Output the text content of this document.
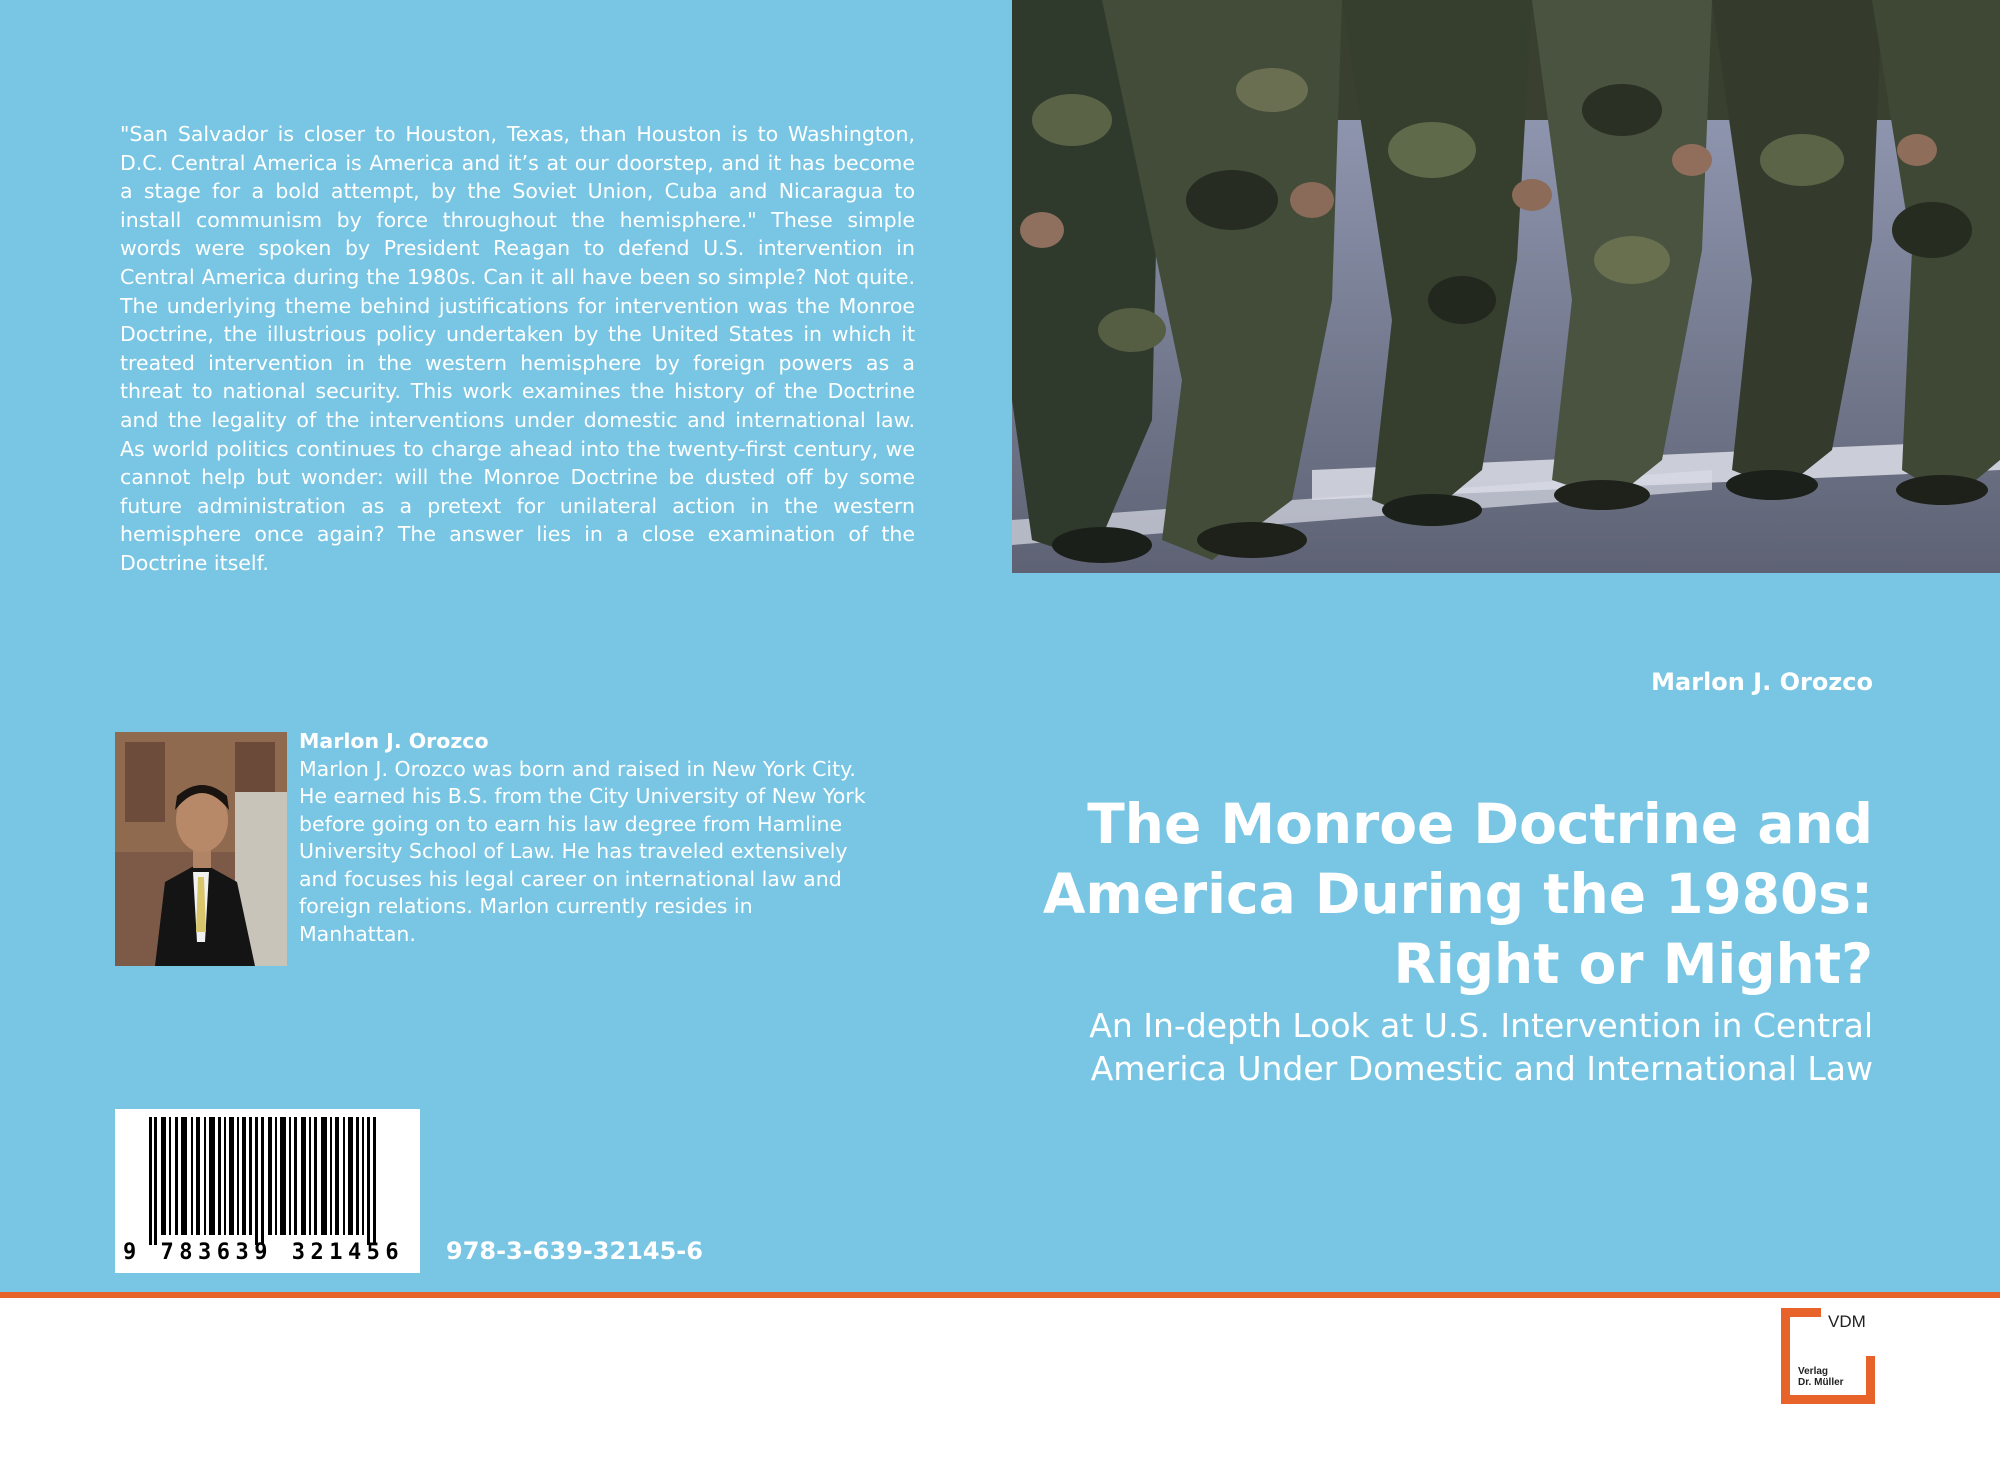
"San Salvador is closer to Houston, Texas, than Houston is to Washington, D.C. Central America is America and it’s at our doorstep, and it has become a stage for a bold attempt, by the Soviet Union, Cuba and Nicaragua to install communism by force throughout the hemisphere." These simple words were spoken by President Reagan to defend U.S. intervention in Central America during the 1980s. Can it all have been so simple? Not quite. The underlying theme behind justifications for intervention was the Monroe Doctrine, the illustrious policy undertaken by the United States in which it treated intervention in the western hemisphere by foreign powers as a threat to national security. This work examines the history of the Doctrine and the legality of the interventions under domestic and international law. As world politics continues to charge ahead into the twenty-first century, we cannot help but wonder: will the Monroe Doctrine be dusted off by some future administration as a pretext for unilateral action in the western hemisphere once again? The answer lies in a close examination of the Doctrine itself.

Marlon J. Orozco
Marlon J. Orozco was born and raised in New York City. He earned his B.S. from the City University of New York before going on to earn his law degree from Hamline University School of Law. He has traveled extensively and focuses his legal career on international law and foreign relations. Marlon currently resides in Manhattan.
Marlon J. Orozco
The Monroe Doctrine and
America During the 1980s:
Right or Might?

An In-depth Look at U.S. Intervention in Central
America Under Domestic and International Law

9 783639 321456	978-3-639-32145-6
VDM
Verlag
Dr. Müller
